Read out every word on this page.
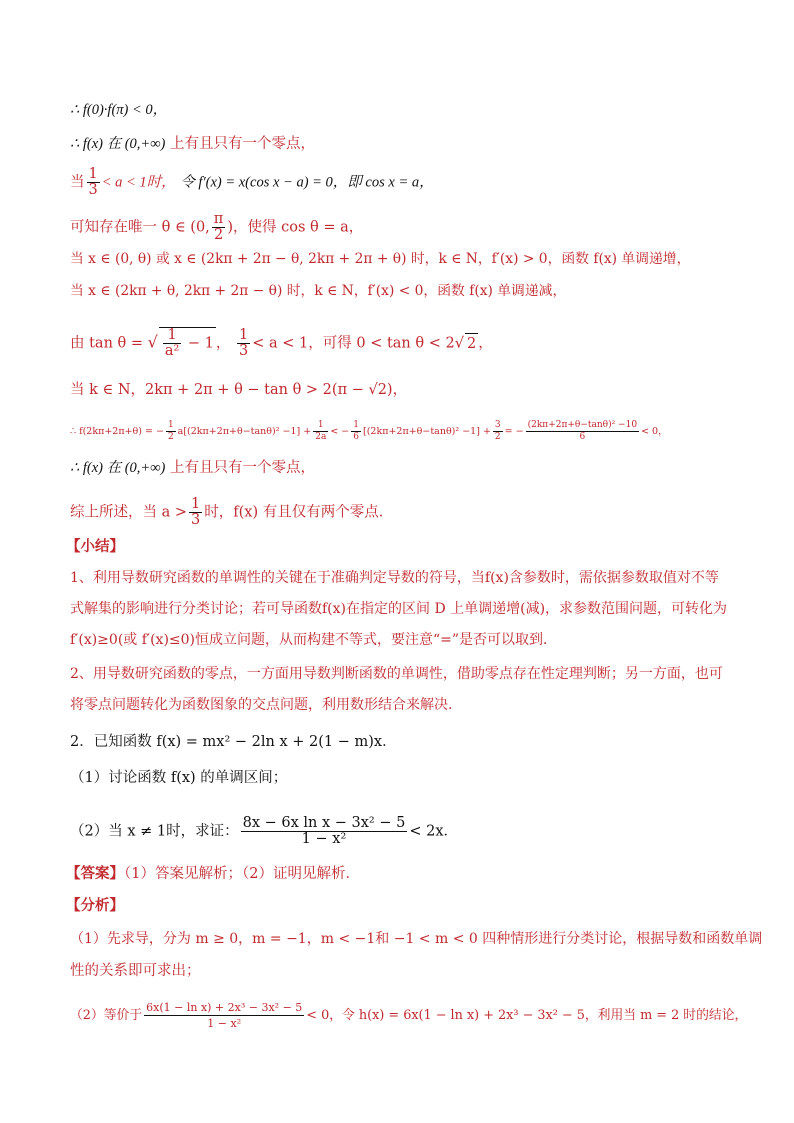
∴ f(0)·f(π) < 0，
∴ f(x) 在 (0,+∞) 上有且只有一个零点，
当 $\frac{1}{3} < a < 1$时， 令 f′(x) = x(cos x − a) = 0，即 cos x = a，
可知存在唯一 θ ∈ (0, $\frac{\pi}{2}$ )，使得 cos θ = a，
当 x ∈ (0, θ) 或 x ∈ (2kπ + 2π − θ, 2kπ + 2π + θ) 时，k ∈ N，f′(x) > 0，函数 f(x) 单调递增，
当 x ∈ (2kπ + θ, 2kπ + 2π − θ) 时，k ∈ N，f′(x) < 0，函数 f(x) 单调递减，
由 tan θ = √ $\frac{1}{\text{a²}} - 1$ ， $\frac{1}{3} < a < 1$，可得 0 < tan θ < 2√ 2 ，
当 k ∈ N，2kπ + 2π + θ − tan θ > 2(π − √2)，
∴ f(2kπ+2π+θ) = − $\frac{1}{2} a[(2k\pi+2\pi+\theta-\tan\theta)^2 -1] + \frac{1}{2a}$ < − $\frac{1}{6} [(2k\pi+2\pi+\theta-\tan\theta)^2 -1] + \frac{3}{2}$ = − $\frac{\text{(2kπ+2π+θ−tanθ)² −10}}{6} < 0$，
∴ f(x) 在 (0,+∞) 上有且只有一个零点，
综上所述，当 $a > \frac{1}{3}$ 时，f(x) 有且仅有两个零点．
【小结】
1、利用导数研究函数的单调性的关键在于准确判定导数的符号，当f(x)含参数时，需依据参数取值对不等式解集的影响进行分类讨论；若可导函数f(x)在指定的区间 D 上单调递增(减)，求参数范围问题，可转化为 f′(x)≥0(或 f′(x)≤0)恒成立问题，从而构建不等式，要注意“=”是否可以取到．
2、用导数研究函数的零点，一方面用导数判断函数的单调性，借助零点存在性定理判断；另一方面，也可将零点问题转化为函数图象的交点问题，利用数形结合来解决.
2．已知函数 f(x) = mx² − 2ln x + 2(1 − m)x．
（1）讨论函数 f(x) 的单调区间；
（2）当 x ≠ 1时，求证： $\frac{\text{8x − 6x ln x − 3x² − 5}}{\text{1 − x²}} < 2x$．
【答案】（1）答案见解析；（2）证明见解析．
【分析】
（1）先求导，分为 m ≥ 0，m = −1，m < −1和 −1 < m < 0 四种情形进行分类讨论，根据导数和函数单调
性的关系即可求出；
（2）等价于 $\frac{\text{6x(1 − ln x) + 2x³ − 3x² − 5}}{\text{1 − x²}} < 0$，令 h(x) = 6x(1 − ln x) + 2x³ − 3x² − 5，利用当 m = 2 时的结论，
